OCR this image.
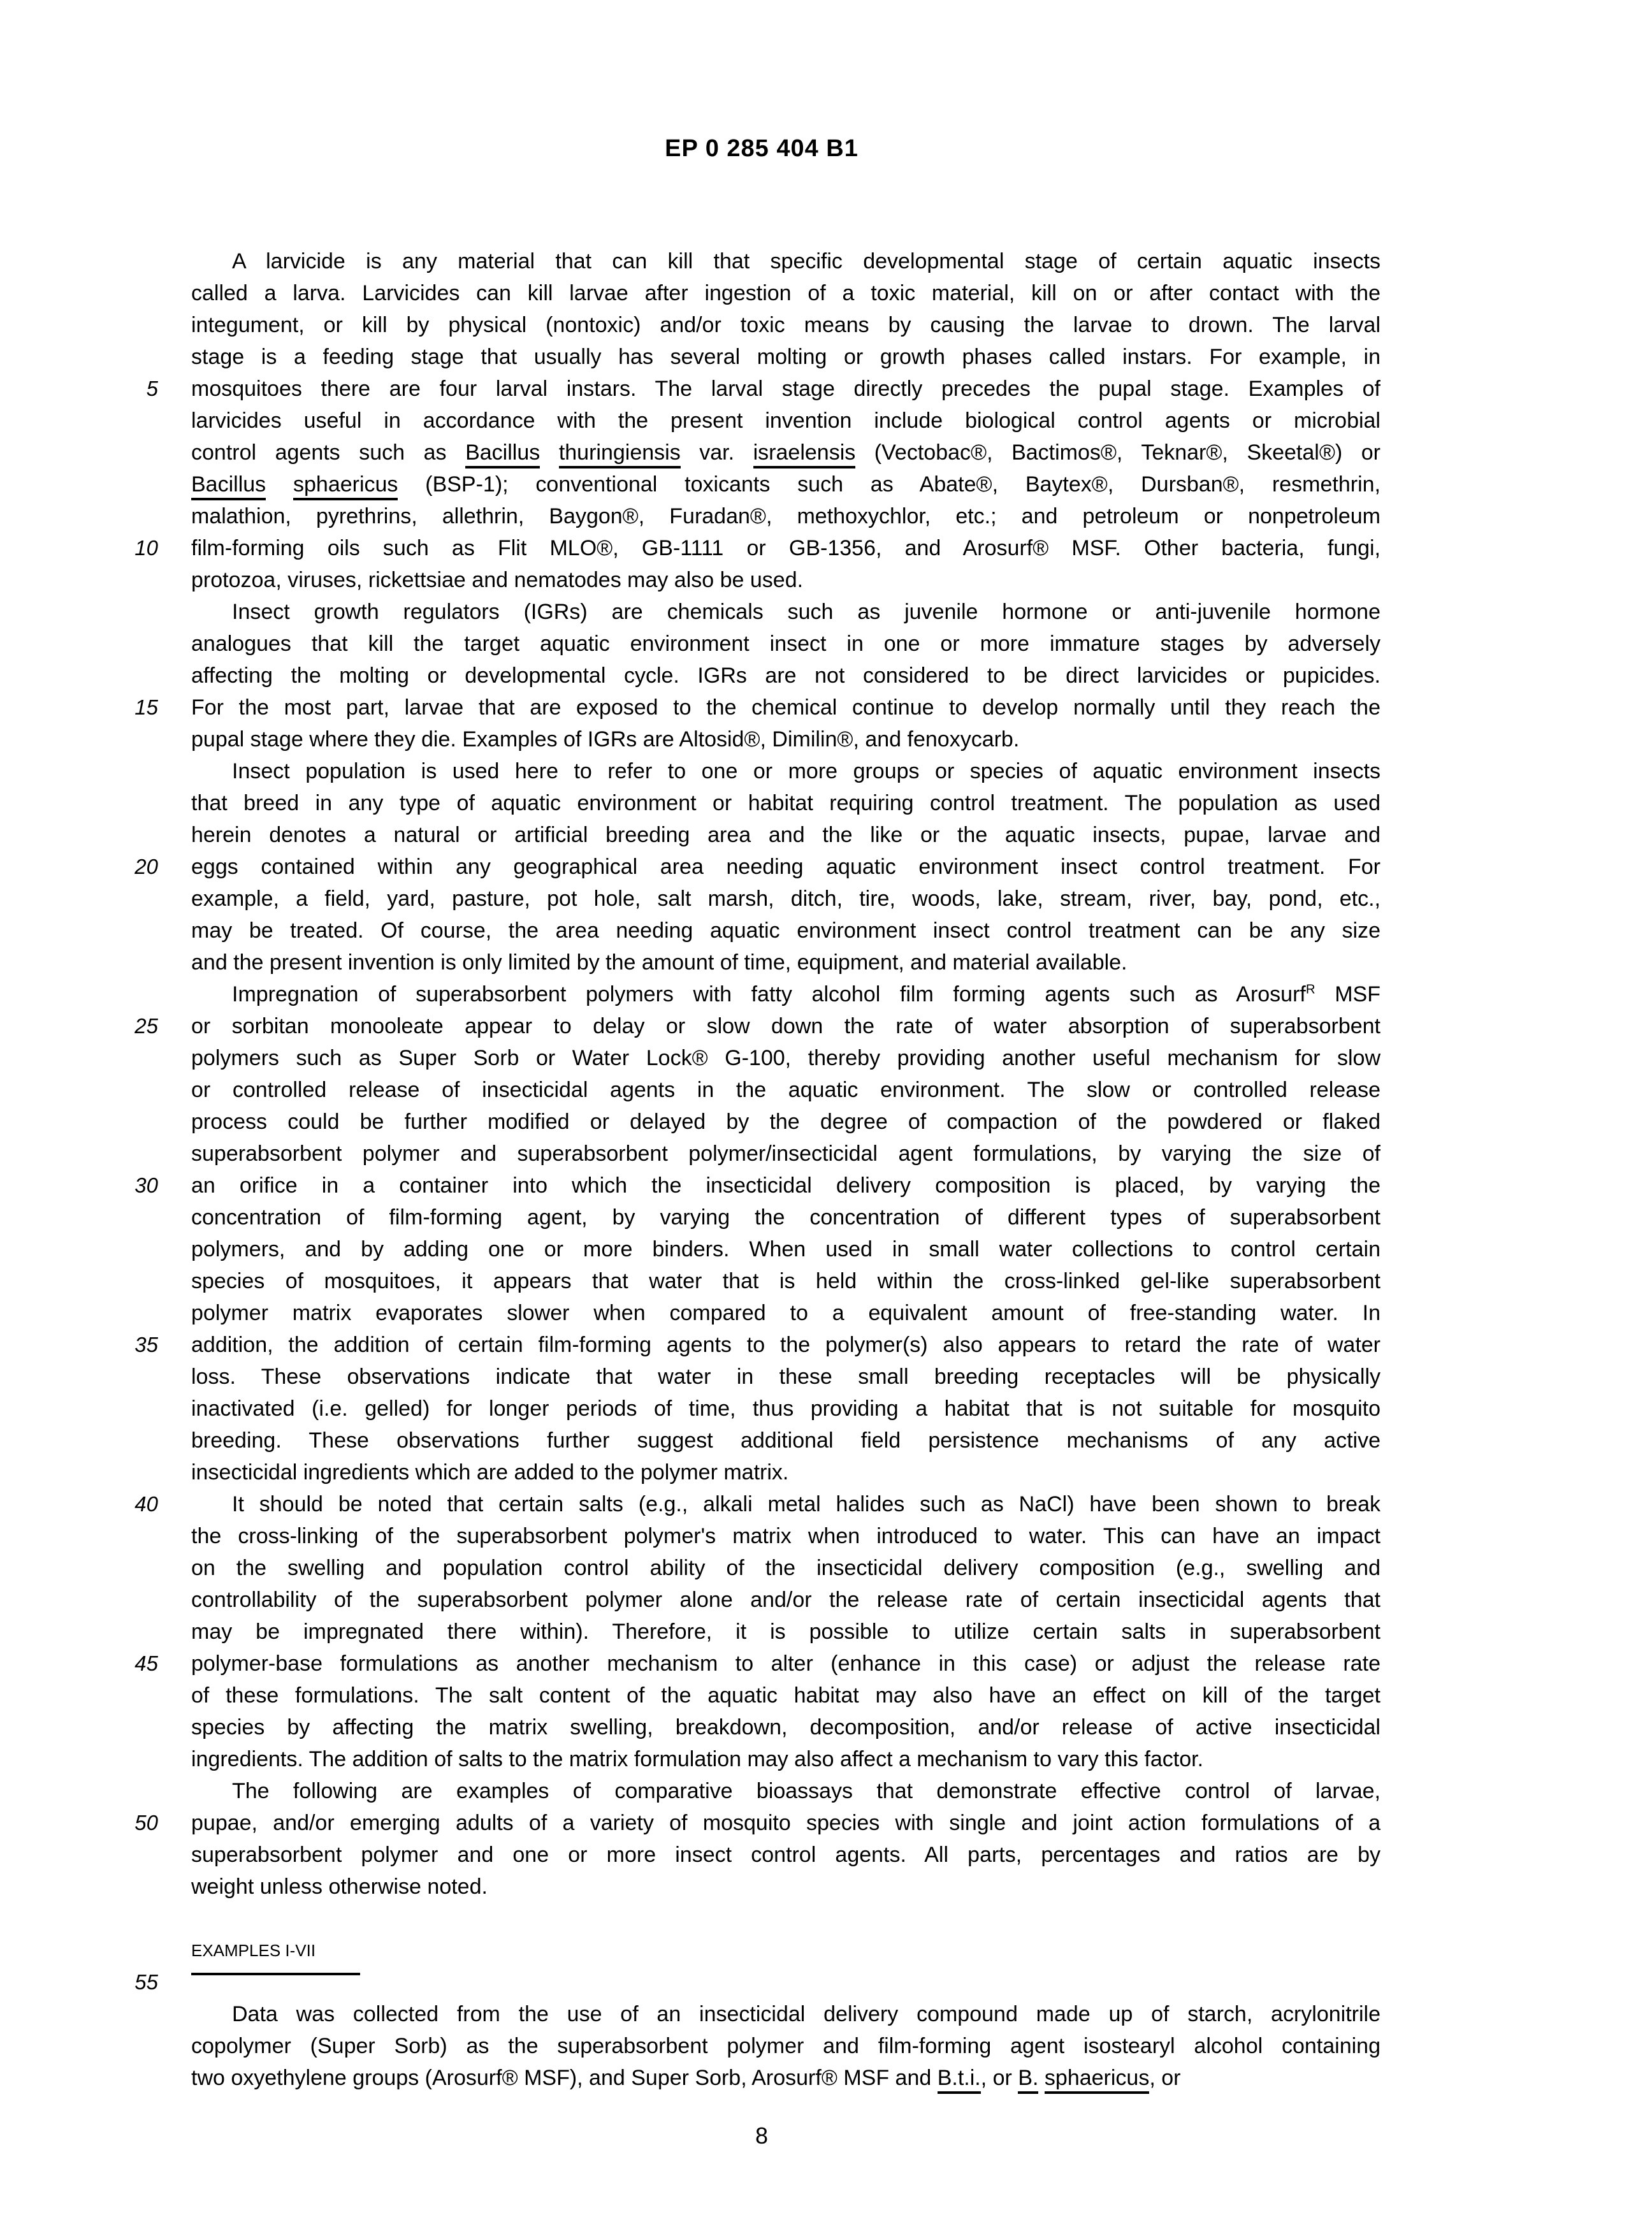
EP 0 285 404 B1
A larvicide is any material that can kill that specific developmental stage of certain aquatic insects
called a larva. Larvicides can kill larvae after ingestion of a toxic material, kill on or after contact with the
integument, or kill by physical (nontoxic) and/or toxic means by causing the larvae to drown. The larval
stage is a feeding stage that usually has several molting or growth phases called instars. For example, in
mosquitoes there are four larval instars. The larval stage directly precedes the pupal stage. Examples of
larvicides useful in accordance with the present invention include biological control agents or microbial
control agents such as Bacillus thuringiensis var. israelensis (Vectobac®, Bactimos®, Teknar®, Skeetal®) or
Bacillus sphaericus (BSP-1); conventional toxicants such as Abate®, Baytex®, Dursban®, resmethrin,
malathion, pyrethrins, allethrin, Baygon®, Furadan®, methoxychlor, etc.; and petroleum or nonpetroleum
film-forming oils such as Flit MLO®, GB-1111 or GB-1356, and Arosurf® MSF. Other bacteria, fungi,
protozoa, viruses, rickettsiae and nematodes may also be used.
Insect growth regulators (IGRs) are chemicals such as juvenile hormone or anti-juvenile hormone
analogues that kill the target aquatic environment insect in one or more immature stages by adversely
affecting the molting or developmental cycle. IGRs are not considered to be direct larvicides or pupicides.
For the most part, larvae that are exposed to the chemical continue to develop normally until they reach the
pupal stage where they die. Examples of IGRs are Altosid®, Dimilin®, and fenoxycarb.
Insect population is used here to refer to one or more groups or species of aquatic environment insects
that breed in any type of aquatic environment or habitat requiring control treatment. The population as used
herein denotes a natural or artificial breeding area and the like or the aquatic insects, pupae, larvae and
eggs contained within any geographical area needing aquatic environment insect control treatment. For
example, a field, yard, pasture, pot hole, salt marsh, ditch, tire, woods, lake, stream, river, bay, pond, etc.,
may be treated. Of course, the area needing aquatic environment insect control treatment can be any size
and the present invention is only limited by the amount of time, equipment, and material available.
Impregnation of superabsorbent polymers with fatty alcohol film forming agents such as Arosurf$^R$ MSF
or sorbitan monooleate appear to delay or slow down the rate of water absorption of superabsorbent
polymers such as Super Sorb or Water Lock® G-100, thereby providing another useful mechanism for slow
or controlled release of insecticidal agents in the aquatic environment. The slow or controlled release
process could be further modified or delayed by the degree of compaction of the powdered or flaked
superabsorbent polymer and superabsorbent polymer/insecticidal agent formulations, by varying the size of
an orifice in a container into which the insecticidal delivery composition is placed, by varying the
concentration of film-forming agent, by varying the concentration of different types of superabsorbent
polymers, and by adding one or more binders. When used in small water collections to control certain
species of mosquitoes, it appears that water that is held within the cross-linked gel-like superabsorbent
polymer matrix evaporates slower when compared to a equivalent amount of free-standing water. In
addition, the addition of certain film-forming agents to the polymer(s) also appears to retard the rate of water
loss. These observations indicate that water in these small breeding receptacles will be physically
inactivated (i.e. gelled) for longer periods of time, thus providing a habitat that is not suitable for mosquito
breeding. These observations further suggest additional field persistence mechanisms of any active
insecticidal ingredients which are added to the polymer matrix.
It should be noted that certain salts (e.g., alkali metal halides such as NaCl) have been shown to break
the cross-linking of the superabsorbent polymer's matrix when introduced to water. This can have an impact
on the swelling and population control ability of the insecticidal delivery composition (e.g., swelling and
controllability of the superabsorbent polymer alone and/or the release rate of certain insecticidal agents that
may be impregnated there within). Therefore, it is possible to utilize certain salts in superabsorbent
polymer-base formulations as another mechanism to alter (enhance in this case) or adjust the release rate
of these formulations. The salt content of the aquatic habitat may also have an effect on kill of the target
species by affecting the matrix swelling, breakdown, decomposition, and/or release of active insecticidal
ingredients. The addition of salts to the matrix formulation may also affect a mechanism to vary this factor.
The following are examples of comparative bioassays that demonstrate effective control of larvae,
pupae, and/or emerging adults of a variety of mosquito species with single and joint action formulations of a
superabsorbent polymer and one or more insect control agents. All parts, percentages and ratios are by
weight unless otherwise noted.
EXAMPLES I-VII
Data was collected from the use of an insecticidal delivery compound made up of starch, acrylonitrile
copolymer (Super Sorb) as the superabsorbent polymer and film-forming agent isostearyl alcohol containing
two oxyethylene groups (Arosurf® MSF), and Super Sorb, Arosurf® MSF and B.t.i., or B. sphaericus, or
5
10
15
20
25
30
35
40
45
50
55
8
